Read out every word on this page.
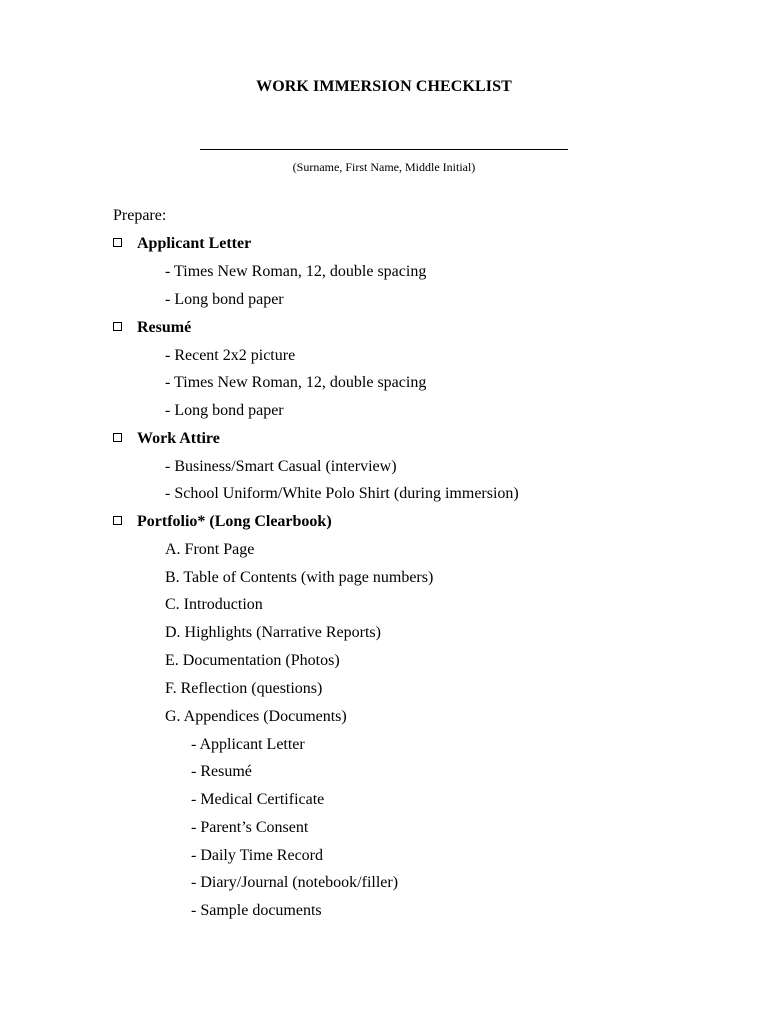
WORK IMMERSION CHECKLIST
(Surname, First Name, Middle Initial)
Prepare:
Applicant Letter
- Times New Roman, 12, double spacing
- Long bond paper
Resumé
- Recent 2x2 picture
- Times New Roman, 12, double spacing
- Long bond paper
Work Attire
- Business/Smart Casual (interview)
- School Uniform/White Polo Shirt (during immersion)
Portfolio* (Long Clearbook)
A. Front Page
B. Table of Contents (with page numbers)
C. Introduction
D. Highlights (Narrative Reports)
E. Documentation (Photos)
F. Reflection (questions)
G. Appendices (Documents)
- Applicant Letter
- Resumé
- Medical Certificate
- Parent’s Consent
- Daily Time Record
- Diary/Journal (notebook/filler)
- Sample documents
